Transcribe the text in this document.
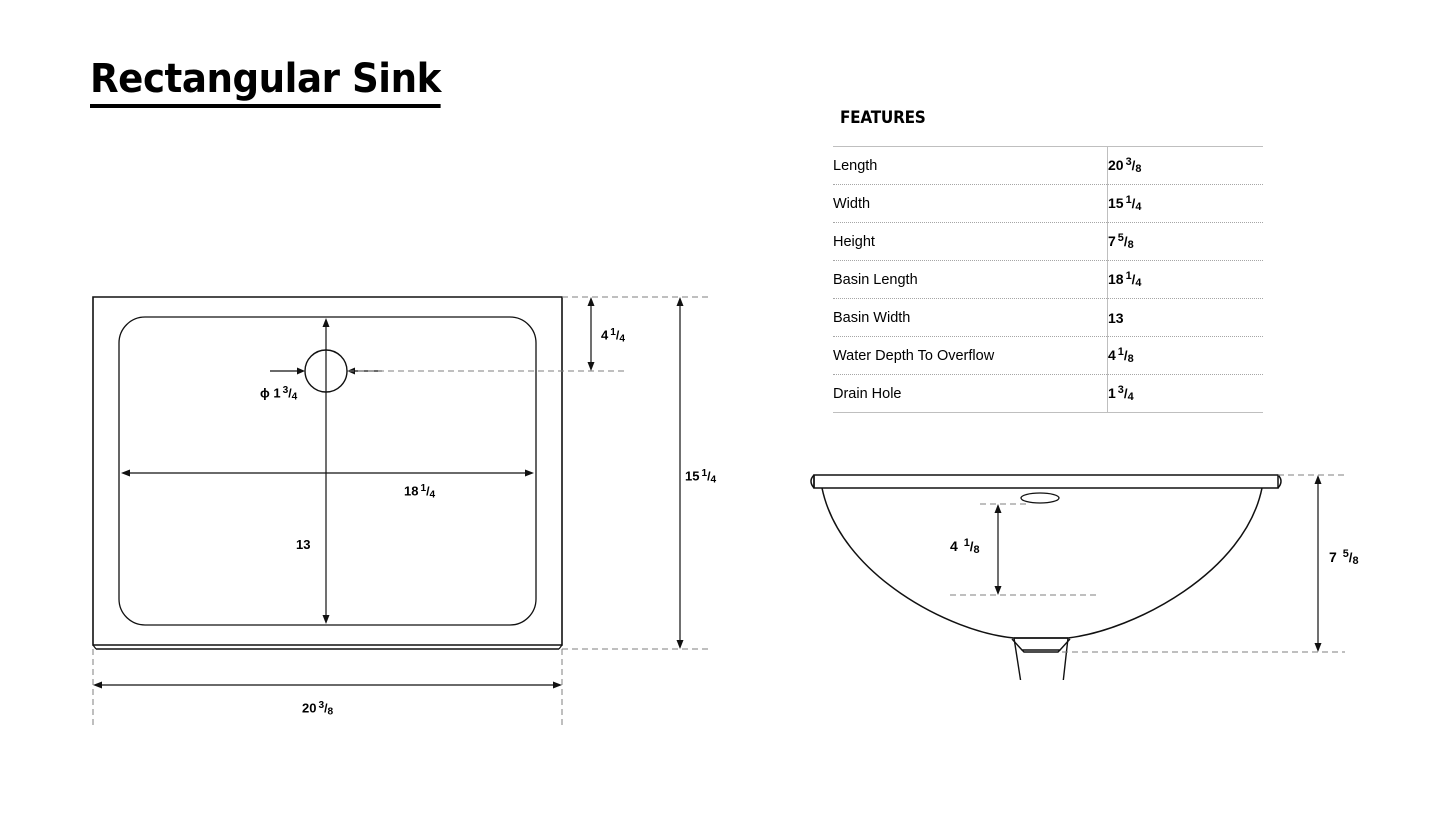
Rectangular Sink
FEATURES
Length	20 $^3$/8
Width	15 $^1$/4
Height	7 $^5$/8
Basin Length	18 $^1$/4
Basin Width	13
Water Depth To Overflow	4 $^1$/8
Drain Hole	1 $^3$/4
ϕ 1 $^3$/4
4 $^1$/4
18 $^1$/4
13
15 $^1$/4
20 $^3$/8
4 $^1$/8	7 $^5$/8
